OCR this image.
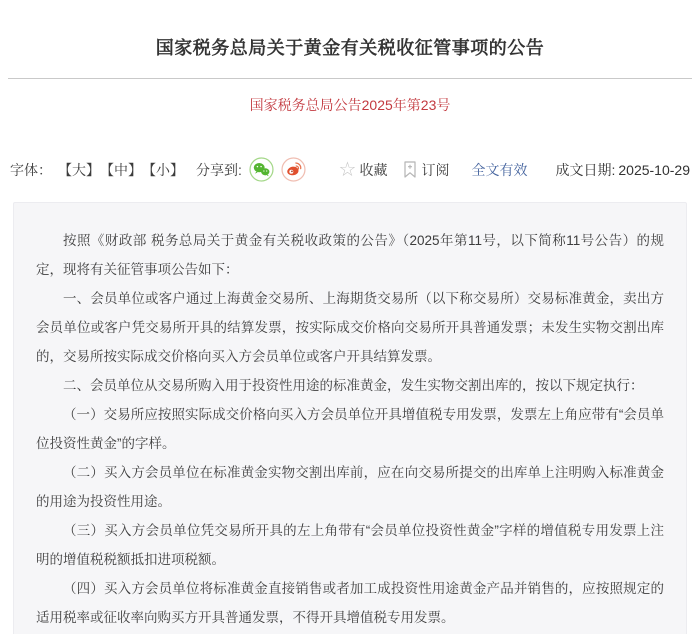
国家税务总局关于黄金有关税收征管事项的公告
国家税务总局公告2025年第23号
字体： 【大】 【中】 【小】 分享到:	☆ 收藏 订阅 全文有效 成文日期: 2025-10-29

按照《财政部 税务总局关于黄金有关税收政策的公告》（2025年第11号，以下简称11号公告）的规定，现将有关征管事项公告如下：

一、会员单位或客户通过上海黄金交易所、上海期货交易所（以下称交易所）交易标准黄金，卖出方会员单位或客户凭交易所开具的结算发票，按实际成交价格向交易所开具普通发票；未发生实物交割出库的，交易所按实际成交价格向买入方会员单位或客户开具结算发票。

二、会员单位从交易所购入用于投资性用途的标准黄金，发生实物交割出库的，按以下规定执行：

（一）交易所应按照实际成交价格向买入方会员单位开具增值税专用发票，发票左上角应带有“会员单位投资性黄金”的字样。

（二）买入方会员单位在标准黄金实物交割出库前，应在向交易所提交的出库单上注明购入标准黄金的用途为投资性用途。

（三）买入方会员单位凭交易所开具的左上角带有“会员单位投资性黄金”字样的增值税专用发票上注明的增值税税额抵扣进项税额。

（四）买入方会员单位将标准黄金直接销售或者加工成投资性用途黄金产品并销售的，应按照规定的适用税率或征收率向购买方开具普通发票，不得开具增值税专用发票。
